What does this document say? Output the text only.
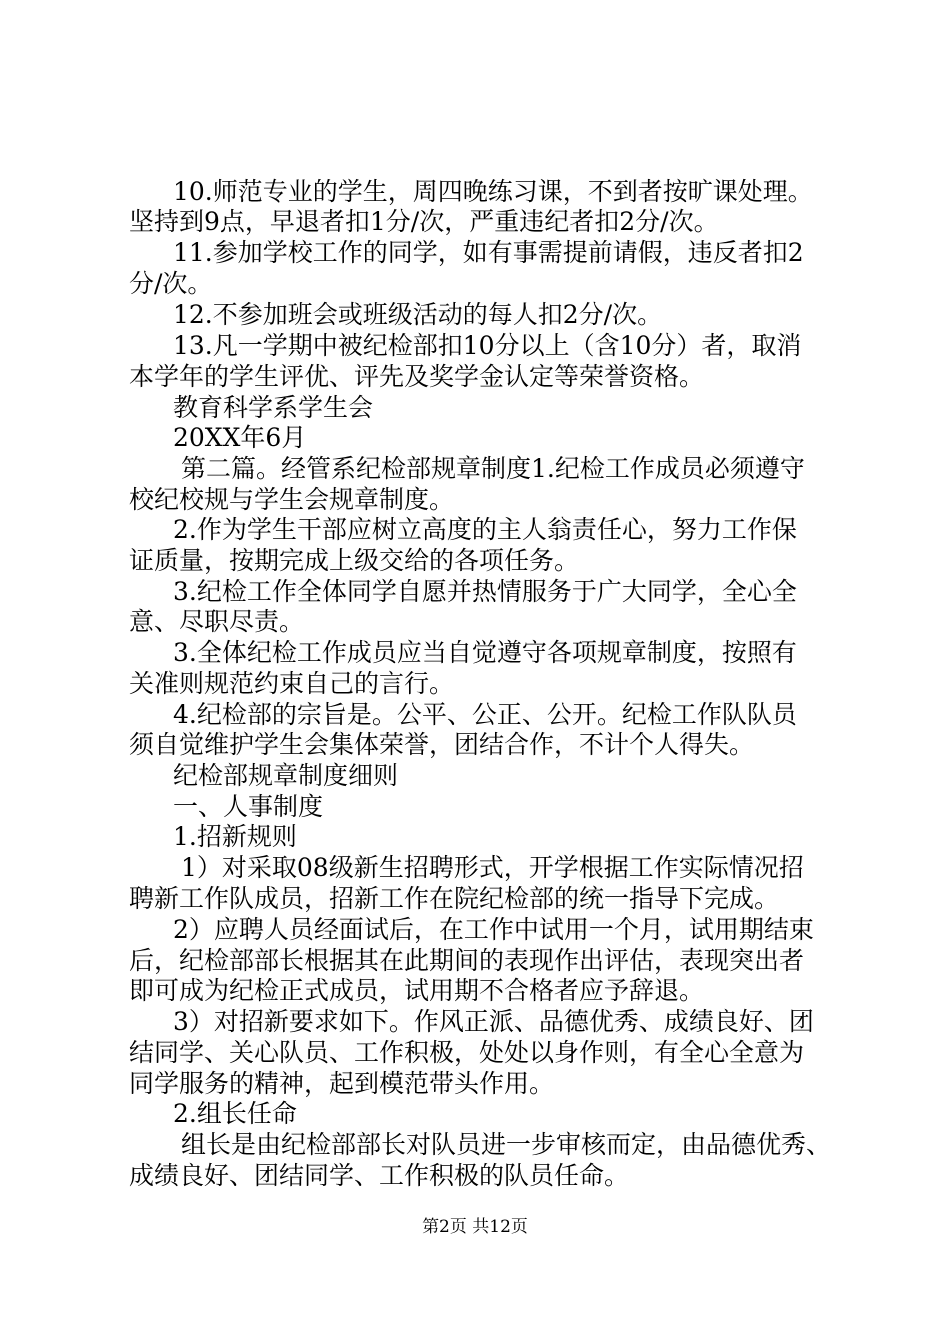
10.师范专业的学生，周四晚练习课，不到者按旷课处理。
坚持到9点，早退者扣1分/次，严重违纪者扣2分/次。
11.参加学校工作的同学，如有事需提前请假，违反者扣2
分/次。
12.不参加班会或班级活动的每人扣2分/次。
13.凡一学期中被纪检部扣10分以上（含10分）者，取消
本学年的学生评优、评先及奖学金认定等荣誉资格。
教育科学系学生会
20XX年6月
第二篇。经管系纪检部规章制度1.纪检工作成员必须遵守
校纪校规与学生会规章制度。
2.作为学生干部应树立高度的主人翁责任心，努力工作保
证质量，按期完成上级交给的各项任务。
3.纪检工作全体同学自愿并热情服务于广大同学，全心全
意、尽职尽责。
3.全体纪检工作成员应当自觉遵守各项规章制度，按照有
关准则规范约束自己的言行。
4.纪检部的宗旨是。公平、公正、公开。纪检工作队队员
须自觉维护学生会集体荣誉，团结合作，不计个人得失。
纪检部规章制度细则
一、人事制度
1.招新规则
1）对采取08级新生招聘形式，开学根据工作实际情况招
聘新工作队成员，招新工作在院纪检部的统一指导下完成。
2）应聘人员经面试后，在工作中试用一个月，试用期结束
后，纪检部部长根据其在此期间的表现作出评估，表现突出者
即可成为纪检正式成员，试用期不合格者应予辞退。
3）对招新要求如下。作风正派、品德优秀、成绩良好、团
结同学、关心队员、工作积极，处处以身作则，有全心全意为
同学服务的精神，起到模范带头作用。
2.组长任命
组长是由纪检部部长对队员进一步审核而定，由品德优秀、
成绩良好、团结同学、工作积极的队员任命。
第2页 共12页
